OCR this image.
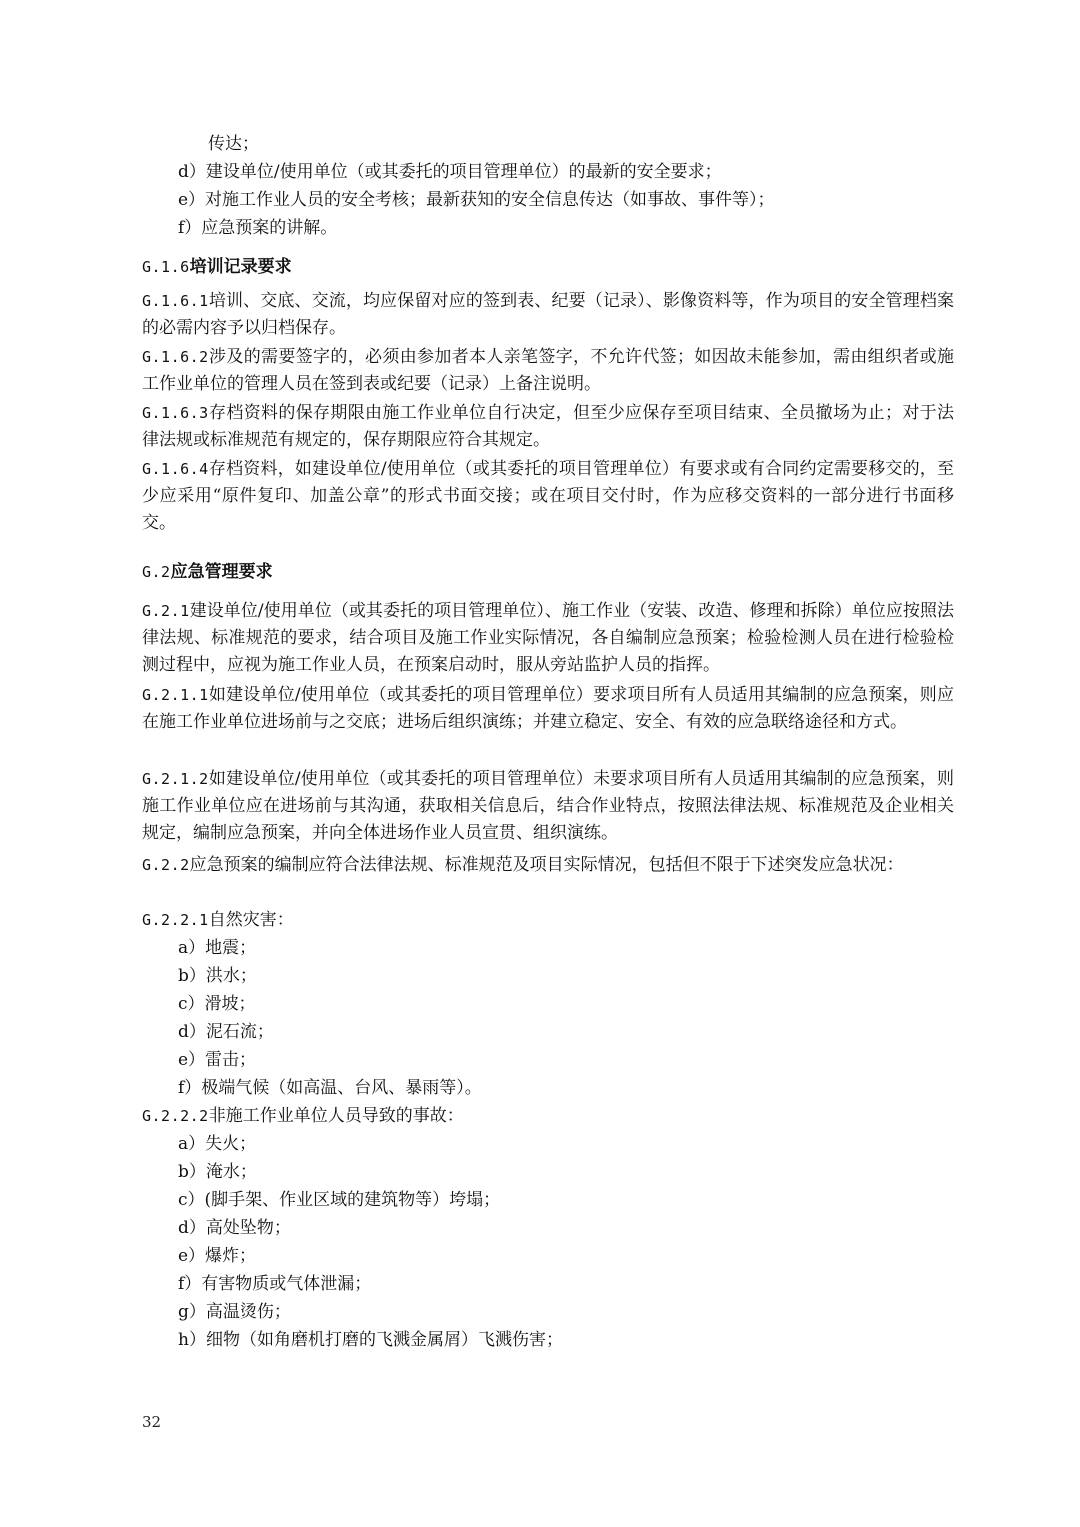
传达；
d）建设单位/使用单位（或其委托的项目管理单位）的最新的安全要求；
e）对施工作业人员的安全考核；最新获知的安全信息传达（如事故、事件等）；
f）应急预案的讲解。
G.1.6培训记录要求
G.1.6.1培训、交底、交流，均应保留对应的签到表、纪要（记录）、影像资料等，作为项目的安全管理档案的必需内容予以归档保存。
G.1.6.2涉及的需要签字的，必须由参加者本人亲笔签字，不允许代签；如因故未能参加，需由组织者或施工作业单位的管理人员在签到表或纪要（记录）上备注说明。
G.1.6.3存档资料的保存期限由施工作业单位自行决定，但至少应保存至项目结束、全员撤场为止；对于法律法规或标准规范有规定的，保存期限应符合其规定。
G.1.6.4存档资料，如建设单位/使用单位（或其委托的项目管理单位）有要求或有合同约定需要移交的，至少应采用“原件复印、加盖公章”的形式书面交接；或在项目交付时，作为应移交资料的一部分进行书面移交。
G.2应急管理要求
G.2.1建设单位/使用单位（或其委托的项目管理单位）、施工作业（安装、改造、修理和拆除）单位应按照法律法规、标准规范的要求，结合项目及施工作业实际情况，各自编制应急预案；检验检测人员在进行检验检测过程中，应视为施工作业人员，在预案启动时，服从旁站监护人员的指挥。
G.2.1.1如建设单位/使用单位（或其委托的项目管理单位）要求项目所有人员适用其编制的应急预案，则应在施工作业单位进场前与之交底；进场后组织演练；并建立稳定、安全、有效的应急联络途径和方式。
G.2.1.2如建设单位/使用单位（或其委托的项目管理单位）未要求项目所有人员适用其编制的应急预案，则施工作业单位应在进场前与其沟通，获取相关信息后，结合作业特点，按照法律法规、标准规范及企业相关规定，编制应急预案，并向全体进场作业人员宣贯、组织演练。
G.2.2应急预案的编制应符合法律法规、标准规范及项目实际情况，包括但不限于下述突发应急状况：
G.2.2.1自然灾害：
a）地震；
b）洪水；
c）滑坡；
d）泥石流；
e）雷击；
f）极端气候（如高温、台风、暴雨等）。
G.2.2.2非施工作业单位人员导致的事故：
a）失火；
b）淹水；
c）(脚手架、作业区域的建筑物等）垮塌；
d）高处坠物；
e）爆炸；
f）有害物质或气体泄漏；
g）高温烫伤；
h）细物（如角磨机打磨的飞溅金属屑）飞溅伤害；
32
